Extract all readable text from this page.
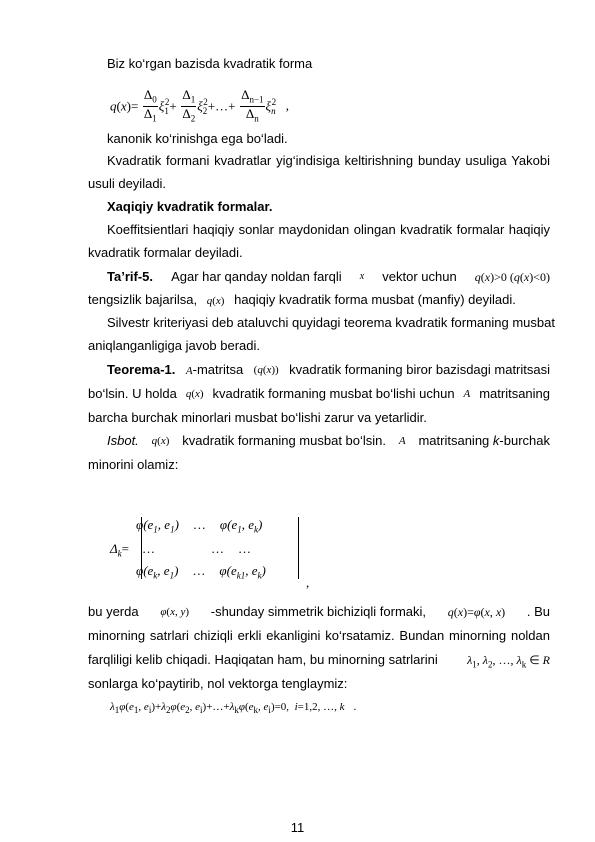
Biz ko‘rgan bazisda kvadratik forma
$q(x)= \frac{\Delta_0}{\Delta_1} \xi_1^2+ \frac{\Delta_1}{\Delta_2}$ $\xi_2^2+\dots+ \frac{\Delta_{n-1}}{\Delta_n} \xi_n^2$ ,
kanonik ko‘rinishga ega bo‘ladi.
Kvadratik formani kvadratlar yig‘indisiga keltirishning bunday usuliga Yakobi
usuli deyiladi.
Xaqiqiy kvadratik formalar.
Koeffitsientlari haqiqiy sonlar maydonidan olingan kvadratik formalar haqiqiy
kvadratik formalar deyiladi.
Ta’rif-5. Agar har qanday noldan farqli x vektor uchun q(x)>0 (q(x)<0)
tengsizlik bajarilsa, q(x) haqiqiy kvadratik forma musbat (manfiy) deyiladi.
Silvestr kriteriyasi deb ataluvchi quyidagi teorema kvadratik formaning musbat
aniqlanganligiga javob beradi.
Teorema-1. A-matritsa (q(x)) kvadratik formaning biror bazisdagi matritsasi
bo‘lsin. U holda q(x) kvadratik formaning musbat bo‘lishi uchun A matritsaning
barcha burchak minorlari musbat bo‘lishi zarur va yetarlidir.
Isbot. q(x) kvadratik formaning musbat bo‘lsin. A matritsaning k-burchak
minorini olamiz:
$\Delta_k=$
$\varphi(e_1$, $e_1$) … $\varphi(e_1$, $e_k$)
…	… …
$\varphi(e_k$, $e_1$) … $\varphi(e_{k1}$, $e_k$)
,
bu yerda φ(x, y) -shunday simmetrik bichiziqli formaki, q(x)=φ(x, x) . Bu
minorning satrlari chiziqli erkli ekanligini ko‘rsatamiz. Bundan minorning noldan
farqliligi kelib chiqadi. Haqiqatan ham, bu minorning satrlarini $\lambda_1$, $\lambda_2$, …, $\lambda_k$ ∈ R
sonlarga ko‘paytirib, nol vektorga tenglaymiz:
$\lambda_1\varphi(e_1$, $e_i)+\lambda_2\varphi(e_2$, $e_i)+\dots+\lambda_k\varphi(e_k$, $e_i)=0$,  i=1,2, …, k .
11
